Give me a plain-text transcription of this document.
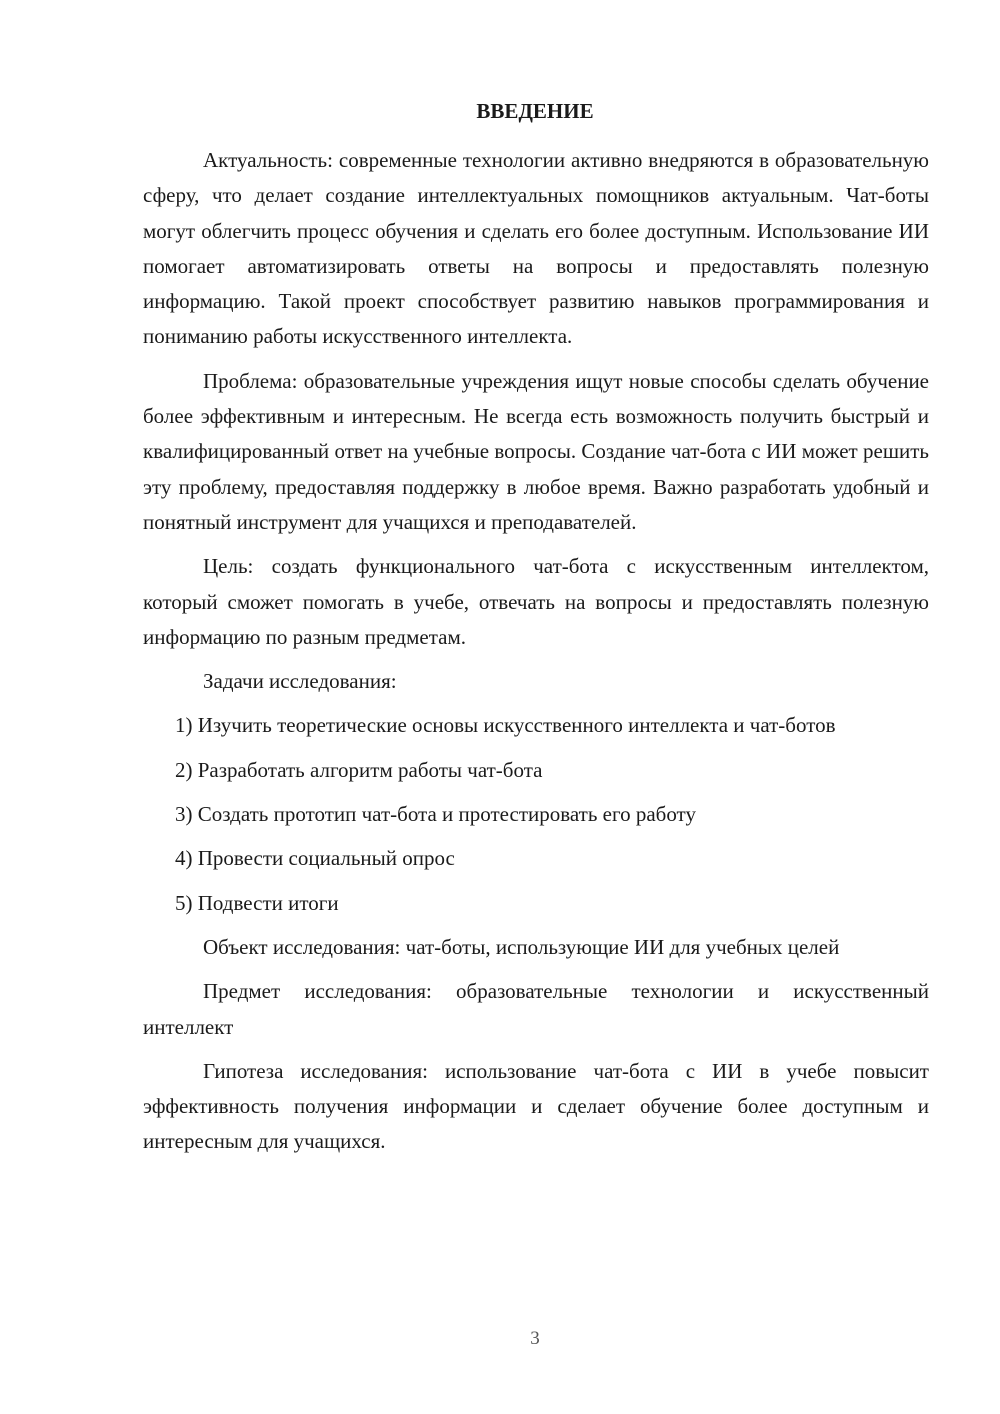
ВВЕДЕНИЕ

Актуальность: современные технологии активно внедряются в образовательную сферу, что делает создание интеллектуальных помощников актуальным. Чат-боты могут облегчить процесс обучения и сделать его более доступным. Использование ИИ помогает автоматизировать ответы на вопросы и предоставлять полезную информацию. Такой проект способствует развитию навыков программирования и пониманию работы искусственного интеллекта.

Проблема: образовательные учреждения ищут новые способы сделать обучение более эффективным и интересным. Не всегда есть возможность получить быстрый и квалифицированный ответ на учебные вопросы. Создание чат-бота с ИИ может решить эту проблему, предоставляя поддержку в любое время. Важно разработать удобный и понятный инструмент для учащихся и преподавателей.

Цель: создать функционального чат-бота с искусственным интеллектом, который сможет помогать в учебе, отвечать на вопросы и предоставлять полезную информацию по разным предметам.

Задачи исследования:

1) Изучить теоретические основы искусственного интеллекта и чат-ботов

2) Разработать алгоритм работы чат-бота

3) Создать прототип чат-бота и протестировать его работу

4) Провести социальный опрос

5) Подвести итоги

Объект исследования: чат-боты, использующие ИИ для учебных целей

Предмет исследования: образовательные технологии и искусственный интеллект

Гипотеза исследования: использование чат-бота с ИИ в учебе повысит эффективность получения информации и сделает обучение более доступным и интересным для учащихся.

3
